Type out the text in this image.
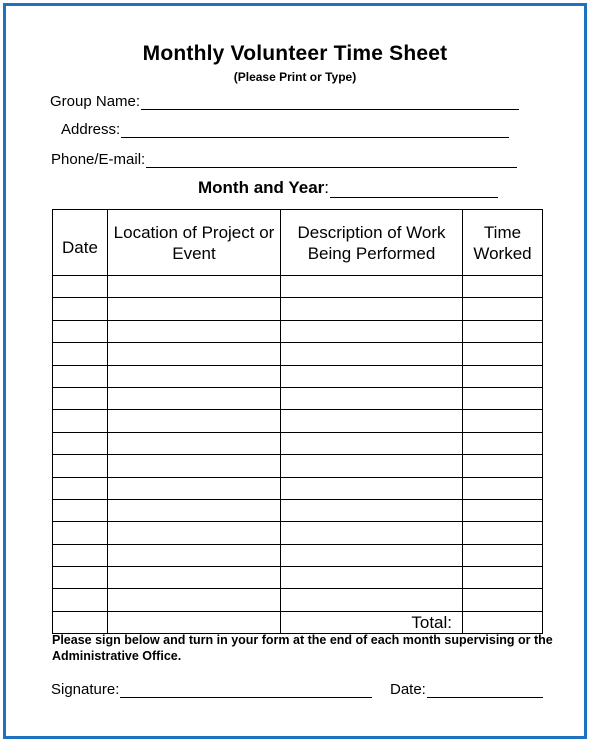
Monthly Volunteer Time Sheet
(Please Print or Type)
Group Name:
Address:
Phone/E-mail:
Month and Year :
Date	Location of Project or Event	Description of Work Being Performed	Time Worked

		Total:	
Please sign below and turn in your form at the end of each month supervising or the Administrative Office.
Signature:	Date:
